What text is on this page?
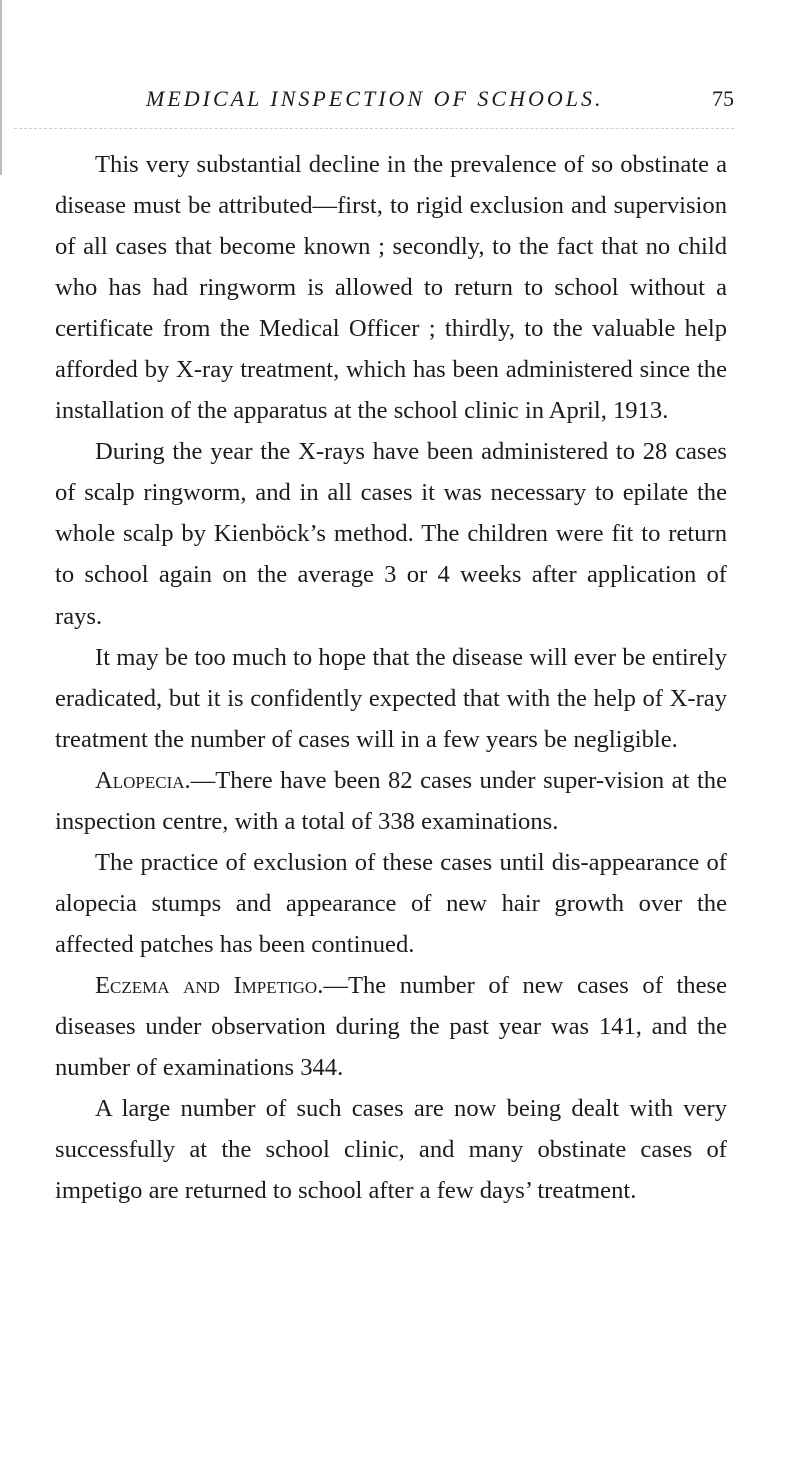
MEDICAL INSPECTION OF SCHOOLS.	75

This very substantial decline in the prevalence of so obstinate a disease must be attributed—first, to rigid exclusion and supervision of all cases that become known ; secondly, to the fact that no child who has had ringworm is allowed to return to school without a certificate from the Medical Officer ; thirdly, to the valuable help afforded by X-ray treatment, which has been administered since the installation of the apparatus at the school clinic in April, 1913.

During the year the X-rays have been administered to 28 cases of scalp ringworm, and in all cases it was necessary to epilate the whole scalp by Kienböck’s method. The children were fit to return to school again on the average 3 or 4 weeks after application of rays.

It may be too much to hope that the disease will ever be entirely eradicated, but it is confidently expected that with the help of X-ray treatment the number of cases will in a few years be negligible.

Alopecia.—There have been 82 cases under super-vision at the inspection centre, with a total of 338 examinations.

The practice of exclusion of these cases until dis-appearance of alopecia stumps and appearance of new hair growth over the affected patches has been continued.

Eczema and Impetigo.—The number of new cases of these diseases under observation during the past year was 141, and the number of examinations 344.

A large number of such cases are now being dealt with very successfully at the school clinic, and many obstinate cases of impetigo are returned to school after a few days’ treatment.
